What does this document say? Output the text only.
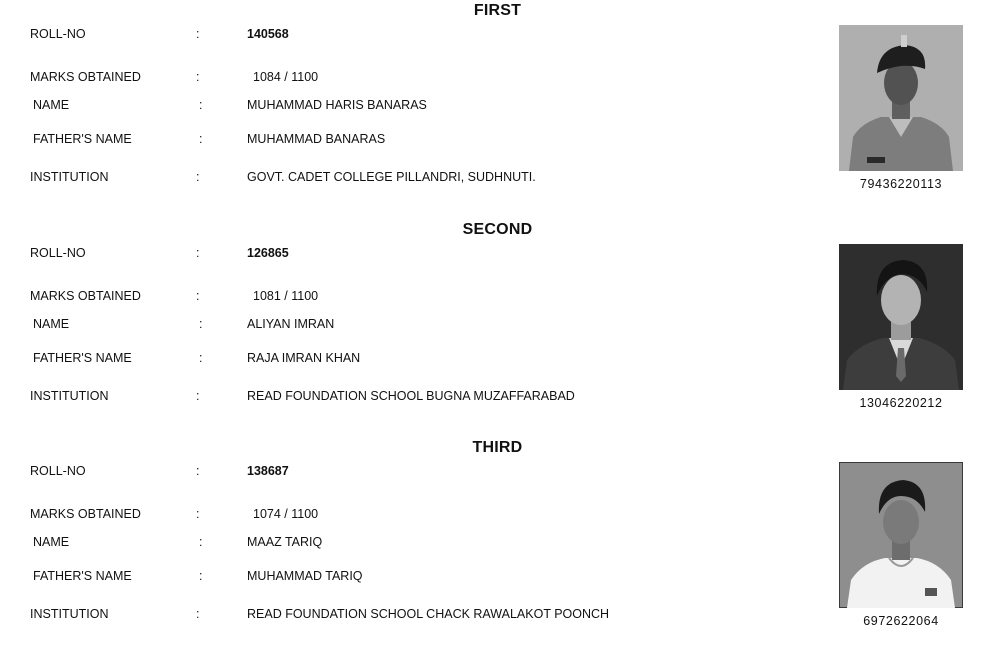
FIRST
ROLL-NO	:	140568
MARKS OBTAINED	:	1084 / 1100
NAME	:	MUHAMMAD HARIS BANARAS
FATHER'S NAME	:	MUHAMMAD BANARAS
INSTITUTION	:	GOVT. CADET COLLEGE PILLANDRI, SUDHNUTI.	79436220113
SECOND
ROLL-NO	:	126865
MARKS OBTAINED	:	1081 / 1100
NAME	:	ALIYAN IMRAN
FATHER'S NAME	:	RAJA IMRAN KHAN
INSTITUTION	:	READ FOUNDATION SCHOOL BUGNA MUZAFFARABAD	13046220212
THIRD
ROLL-NO	:	138687
MARKS OBTAINED	:	1074 / 1100
NAME	:	MAAZ TARIQ
FATHER'S NAME	:	MUHAMMAD TARIQ
INSTITUTION	:	READ FOUNDATION SCHOOL CHACK RAWALAKOT POONCH	6972622064
